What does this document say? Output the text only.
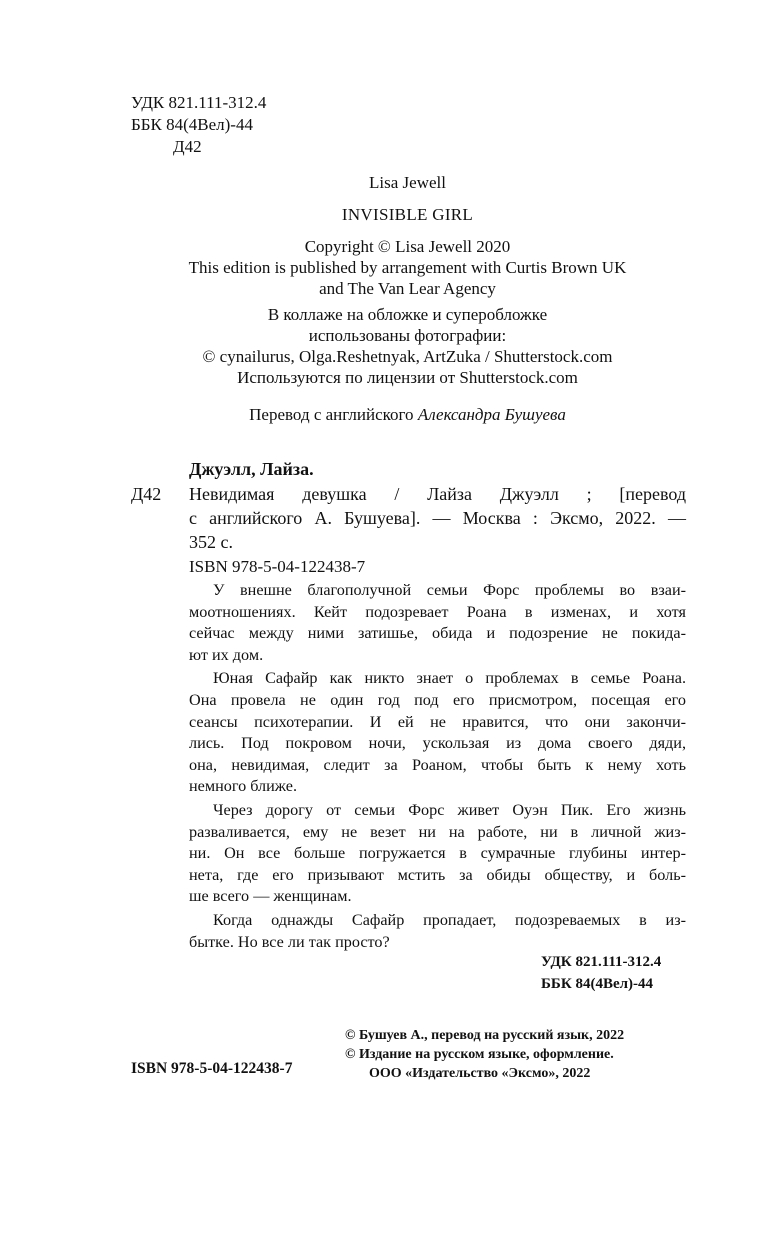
УДК 821.111-312.4
ББК 84(4Вел)-44
Д42
Lisa Jewell
INVISIBLE GIRL
Copyright © Lisa Jewell 2020
This edition is published by arrangement with Curtis Brown UK
and The Van Lear Agency
В коллаже на обложке и суперобложке
использованы фотографии:
© cynailurus, Olga.Reshetnyak, ArtZuka / Shutterstock.com
Используются по лицензии от Shutterstock.com
Перевод с английского Александра Бушуева
Джуэлл, Лайза.
Д42 Невидимая девушка / Лайза Джуэлл ; [перевод
с английского А. Бушуева]. — Москва : Эксмо, 2022. —
352 с.
ISBN 978-5-04-122438-7
У внешне благополучной семьи Форс проблемы во взаи-
моотношениях. Кейт подозревает Роана в изменах, и хотя
сейчас между ними затишье, обида и подозрение не покида-
ют их дом.
Юная Сафайр как никто знает о проблемах в семье Роана.
Она провела не один год под его присмотром, посещая его
сеансы психотерапии. И ей не нравится, что они закончи-
лись. Под покровом ночи, ускользая из дома своего дяди,
она, невидимая, следит за Роаном, чтобы быть к нему хоть
немного ближе.
Через дорогу от семьи Форс живет Оуэн Пик. Его жизнь
разваливается, ему не везет ни на работе, ни в личной жиз-
ни. Он все больше погружается в сумрачные глубины интер-
нета, где его призывают мстить за обиды обществу, и боль-
ше всего — женщинам.
Когда однажды Сафайр пропадает, подозреваемых в из-
бытке. Но все ли так просто?
УДК 821.111-312.4
ББК 84(4Вел)-44
© Бушуев А., перевод на русский язык, 2022
© Издание на русском языке, оформление.
ООО «Издательство «Эксмо», 2022
ISBN 978-5-04-122438-7
